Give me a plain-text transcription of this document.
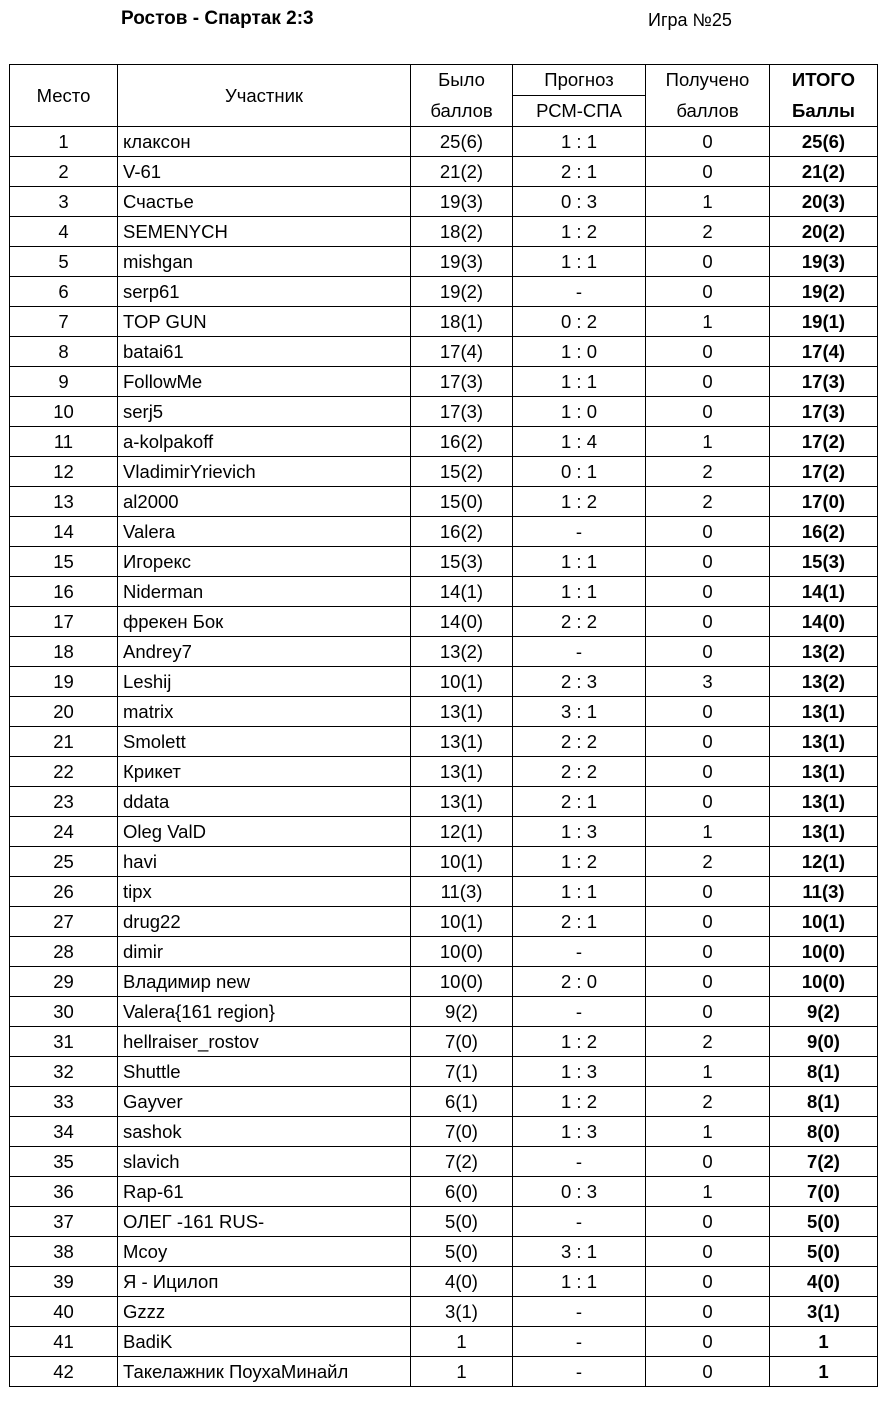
Ростов - Спартак 2:3	Игра №25
Место	Участник	Было	Прогноз	Получено	ИТОГО
		баллов	РСМ-СПА	баллов	Баллы
1	клаксон	25(6)	1 : 1	0	25(6)
2	V-61	21(2)	2 : 1	0	21(2)
3	Счастье	19(3)	0 : 3	1	20(3)
4	SEMENYCH	18(2)	1 : 2	2	20(2)
5	mishgan	19(3)	1 : 1	0	19(3)
6	serp61	19(2)	-	0	19(2)
7	TOP GUN	18(1)	0 : 2	1	19(1)
8	batai61	17(4)	1 : 0	0	17(4)
9	FollowMe	17(3)	1 : 1	0	17(3)
10	serj5	17(3)	1 : 0	0	17(3)
11	a-kolpakoff	16(2)	1 : 4	1	17(2)
12	VladimirYrievich	15(2)	0 : 1	2	17(2)
13	al2000	15(0)	1 : 2	2	17(0)
14	Valera	16(2)	-	0	16(2)
15	Игорекс	15(3)	1 : 1	0	15(3)
16	Niderman	14(1)	1 : 1	0	14(1)
17	фрекен Бок	14(0)	2 : 2	0	14(0)
18	Andrey7	13(2)	-	0	13(2)
19	Leshij	10(1)	2 : 3	3	13(2)
20	matrix	13(1)	3 : 1	0	13(1)
21	Smolett	13(1)	2 : 2	0	13(1)
22	Крикет	13(1)	2 : 2	0	13(1)
23	ddata	13(1)	2 : 1	0	13(1)
24	Oleg ValD	12(1)	1 : 3	1	13(1)
25	havi	10(1)	1 : 2	2	12(1)
26	tipx	11(3)	1 : 1	0	11(3)
27	drug22	10(1)	2 : 1	0	10(1)
28	dimir	10(0)	-	0	10(0)
29	Владимир new	10(0)	2 : 0	0	10(0)
30	Valera{161 region}	9(2)	-	0	9(2)
31	hellraiser_rostov	7(0)	1 : 2	2	9(0)
32	Shuttle	7(1)	1 : 3	1	8(1)
33	Gayver	6(1)	1 : 2	2	8(1)
34	sashok	7(0)	1 : 3	1	8(0)
35	slavich	7(2)	-	0	7(2)
36	Rap-61	6(0)	0 : 3	1	7(0)
37	ОЛЕГ -161 RUS-	5(0)	-	0	5(0)
38	Mcoy	5(0)	3 : 1	0	5(0)
39	Я - Ицилоп	4(0)	1 : 1	0	4(0)
40	Gzzz	3(1)	-	0	3(1)
41	BadiK	1	-	0	1
42	Такелажник ПоухаМинайл	1	-	0	1
